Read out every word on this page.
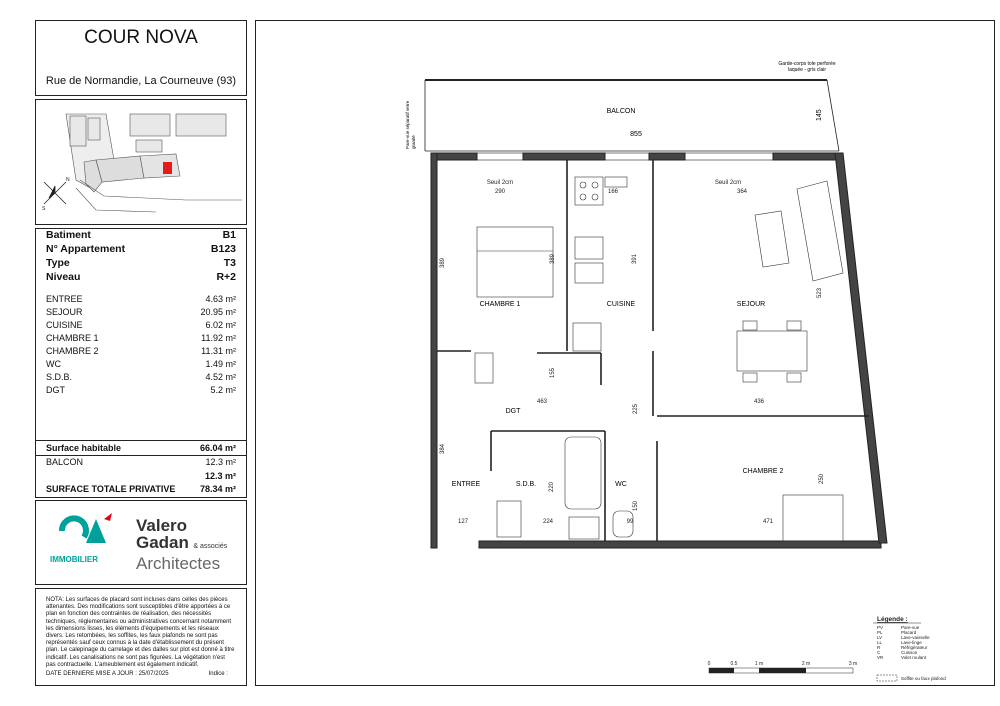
COUR NOVA
Rue de Normandie, La Courneuve (93)
S
N
Batiment	B1
N° Appartement	B123
Type	T3
Niveau	R+2
ENTREE	4.63 m²
SEJOUR	20.95 m²
CUISINE	6.02 m²
CHAMBRE 1	11.92 m²
CHAMBRE 2	11.31 m²
WC	1.49 m²
S.D.B.	4.52 m²
DGT	5.2 m²
Surface habitable	66.04 m²
BALCON	12.3 m²
12.3 m²
SURFACE TOTALE PRIVATIVE	78.34 m²
IMMOBILIER
Valero
Gadan & associés
Architectes
NOTA: Les surfaces de placard sont incluses dans celles des pièces attenantes. Des modifications sont susceptibles d'être apportées à ce plan en fonction des contraintes de réalisation, des nécessités techniques, réglementaires ou administratives concernant notamment les dimensions lisses, les éléments d'équipements et les réseaux divers. Les retombées, les soffites, les faux plafonds ne sont pas représentés sauf ceux connus à la date d'établissement du présent plan. Le calepinage du carrelage et des dalles sur plot est donné à titre indicatif. Les canalisations ne sont pas figurées. La végétation n'est pas contractuelle. L'ameublement est également indicatif.
DATE DERNIERE MISE A JOUR : 25/07/2025	Indice :
BALCON
855
145
Garde-corps tole perforée
laquée - gris clair
Pare-vue séparatif verre granité
CHAMBRE 1	CUISINE	SEJOUR
DGT
CHAMBRE 2
ENTREE	S.D.B.	WC
Seuil 2cm	Seuil 2cm
290	166	364
463	436
127	224	99	471
389	389	391
523
155
225
384
220
150
250
Légende :
PV	Pare-vue
PL	Placard
LV	Lave-vaisselle
LL	Lave-linge
R	Réfrigérateur
C	Cuisson
VR	Volet roulant
Soffite ou faux plafond
0	0.5	1 m	2 m	3 m
